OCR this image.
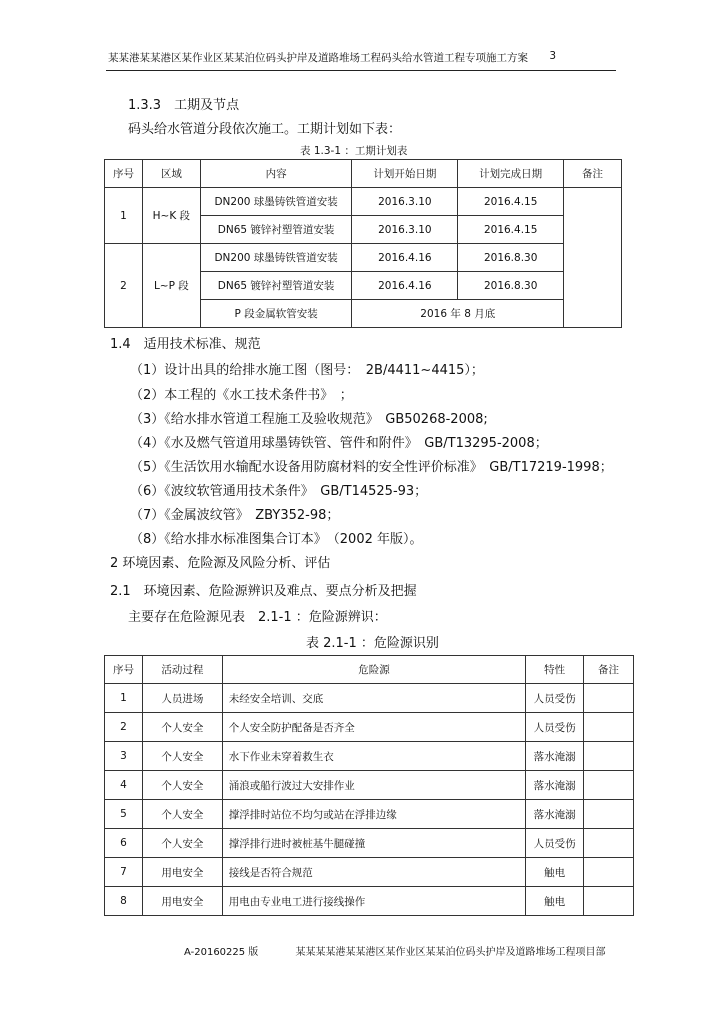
某某港某某港区某作业区某某泊位码头护岸及道路堆场工程码头给水管道工程专项施工方案 3
1.3.3　工期及节点
码头给水管道分段依次施工。工期计划如下表：
表 1.3-1 ：工期计划表
序号	区域	内容	计划开始日期	计划完成日期	备注
1	H~K 段	DN200 球墨铸铁管道安装	2016.3.10	2016.4.15	
		DN65 镀锌衬塑管道安装	2016.3.10	2016.4.15	
2	L~P 段	DN200 球墨铸铁管道安装	2016.4.16	2016.8.30	
		DN65 镀锌衬塑管道安装	2016.4.16	2016.8.30	
		P 段金属软管安装	2016 年 8 月底		
1.4　适用技术标准、规范
（1）设计出具的给排水施工图（图号：　2B/4411~4415）；
（2）本工程的《水工技术条件书》　；
（3）《给水排水管道工程施工及验收规范》　GB50268-2008;
（4）《水及燃气管道用球墨铸铁管、管件和附件》　GB/T13295-2008；
（5）《生活饮用水输配水设备用防腐材料的安全性评价标准》　GB/T17219-1998；
（6）《波纹软管通用技术条件》　GB/T14525-93；
（7）《金属波纹管》　ZBY352-98；
（8）《给水排水标准图集合订本》　（2002 年版）。
2 环境因素、危险源及风险分析、评估
2.1　环境因素、危险源辨识及难点、要点分析及把握
主要存在危险源见表　2.1-1 ：危险源辨识：
表 2.1-1 ：危险源识别
序号	活动过程	危险源	特性	备注
1	人员进场	未经安全培训、交底	人员受伤	
2	个人安全	个人安全防护配备是否齐全	人员受伤	
3	个人安全	水下作业未穿着救生衣	落水淹溺	
4	个人安全	涌浪或船行波过大安排作业	落水淹溺	
5	个人安全	撑浮排时站位不均匀或站在浮排边缘	落水淹溺	
6	个人安全	撑浮排行进时被桩基牛腿碰撞	人员受伤	
7	用电安全	接线是否符合规范	触电	
8	用电安全	用电由专业电工进行接线操作	触电	
A-20160225 版	某某某某港某某港区某作业区某某泊位码头护岸及道路堆场工程项目部
